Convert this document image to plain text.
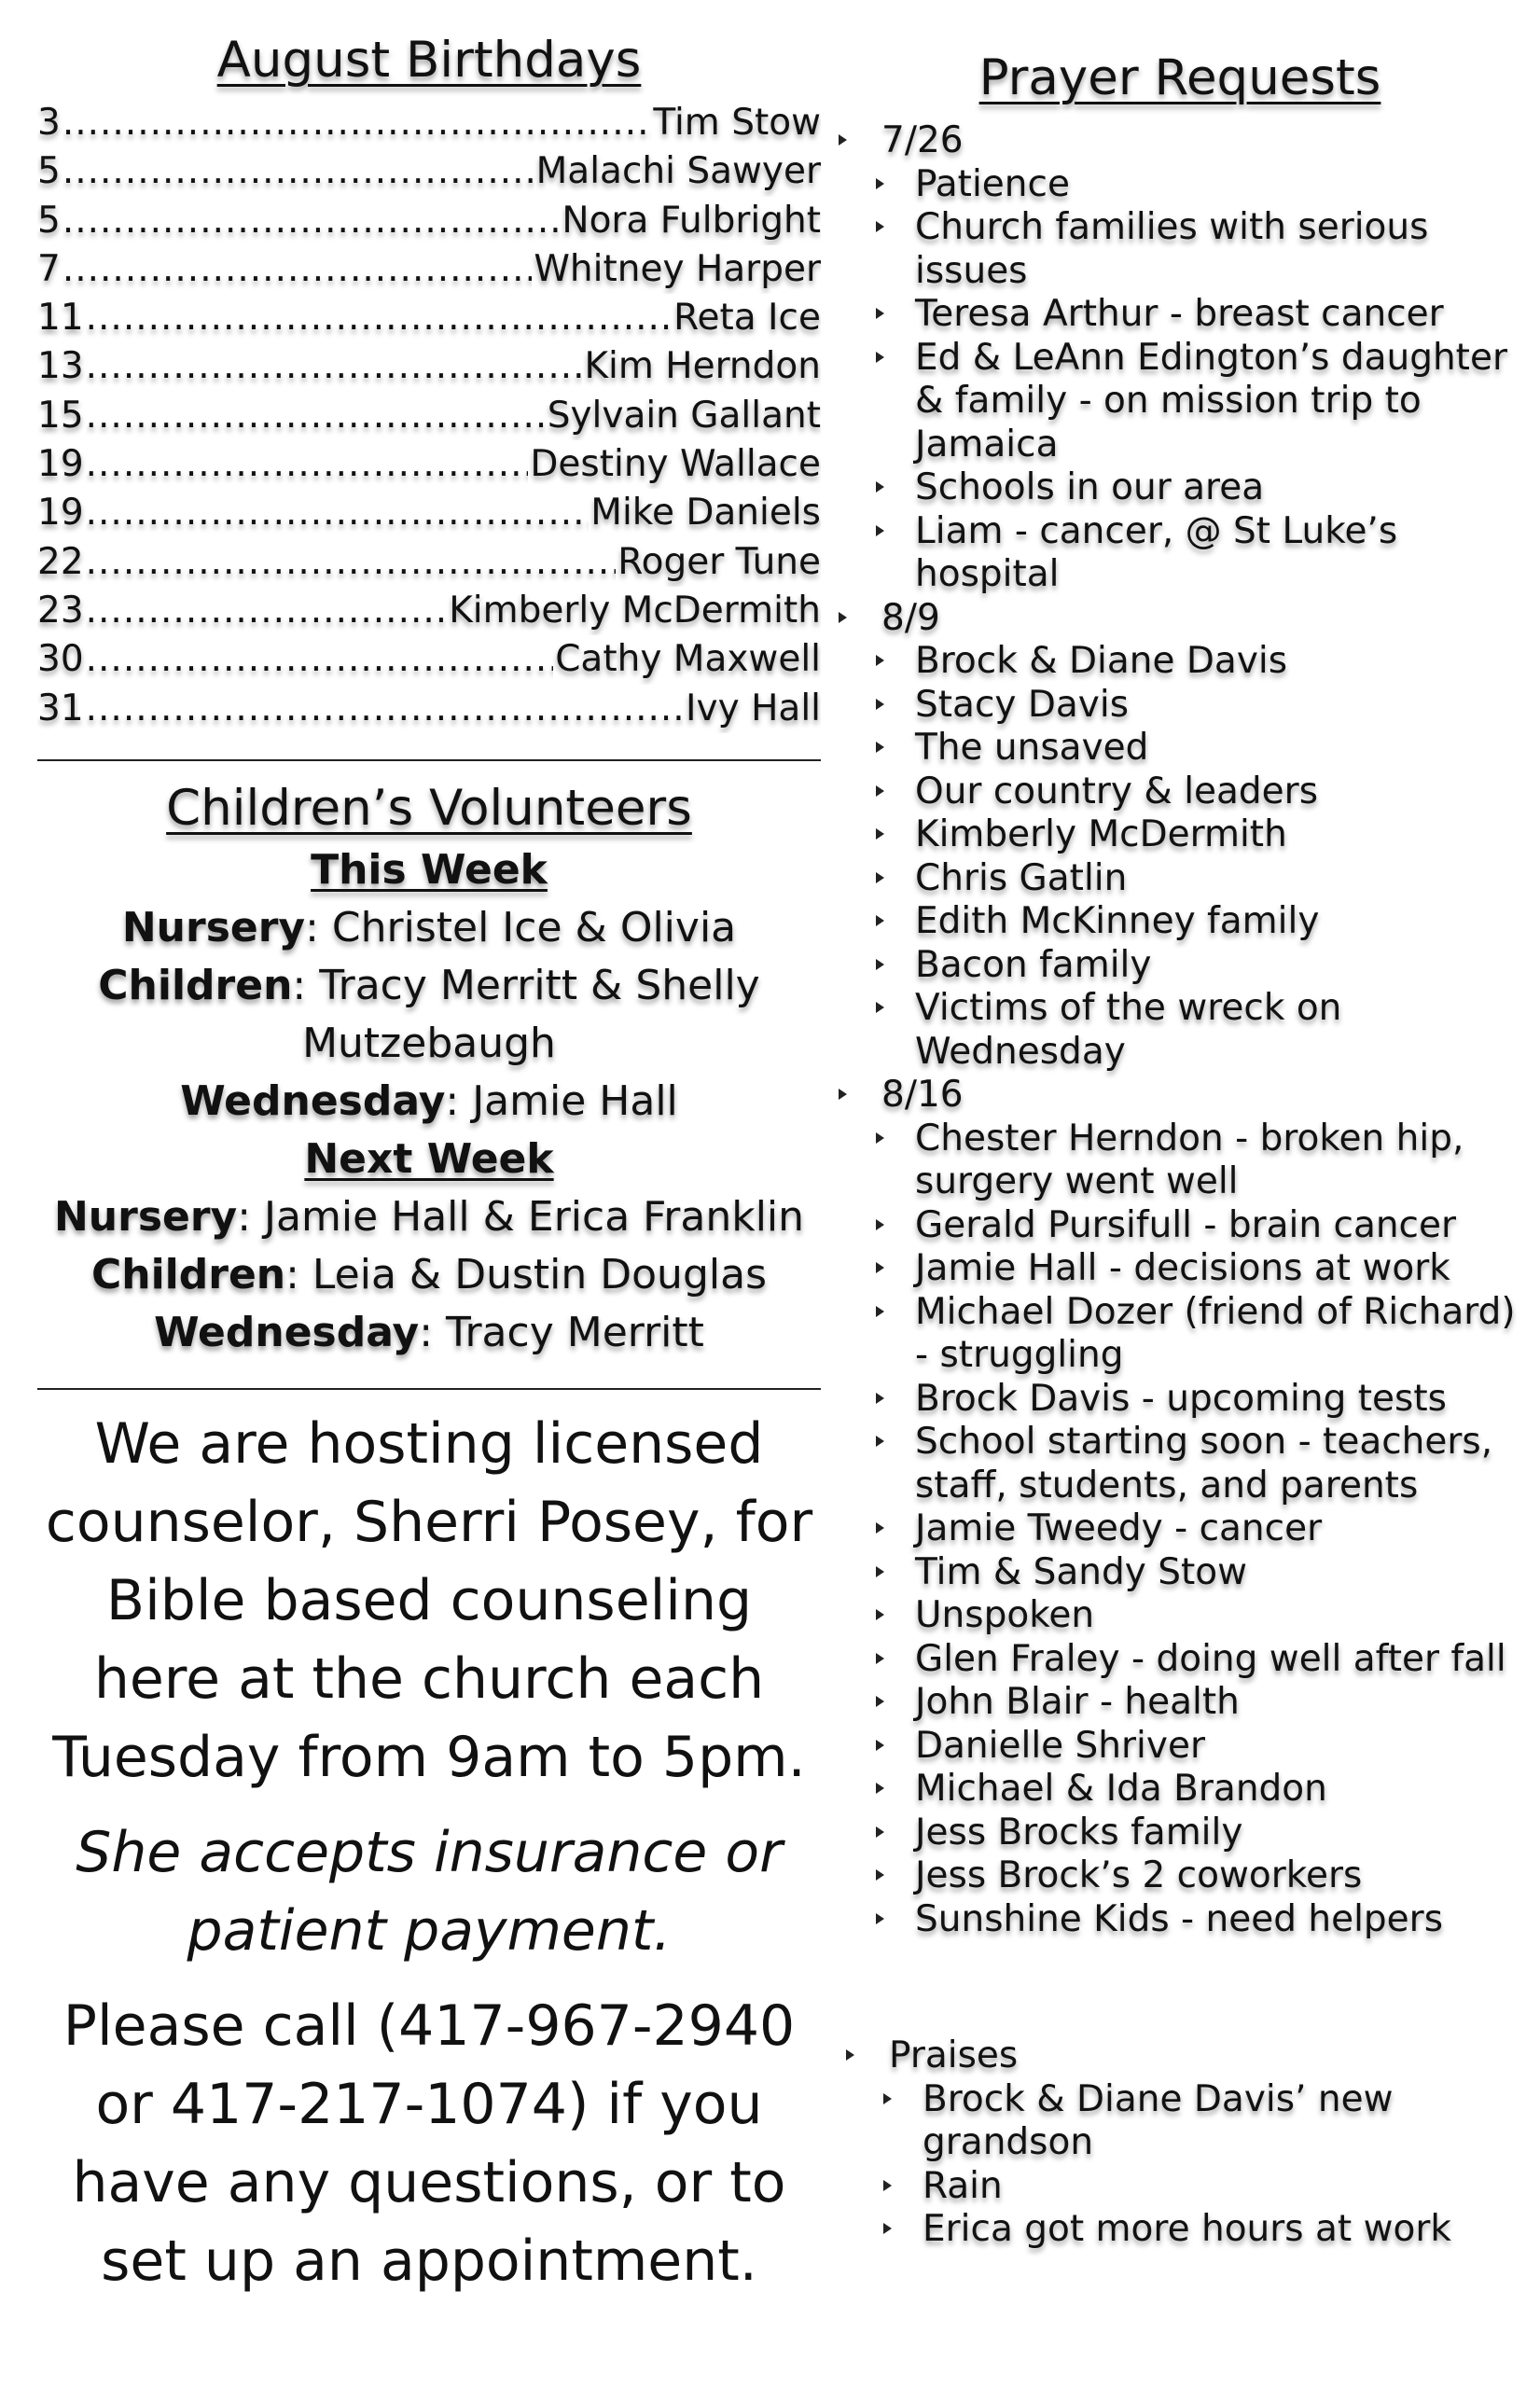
August Birthdays
3 .....	Tim Stow
5 .....	Malachi Sawyer
5 .....	Nora Fulbright
7 .....	Whitney Harper
11 .....	Reta Ice
13 .....	Kim Herndon
15 .....	Sylvain Gallant
19 .....	Destiny Wallace
19 .....	Mike Daniels
22 .....	Roger Tune
23 .....	Kimberly McDermith
30 .....	Cathy Maxwell
31 .....	Ivy Hall
Children’s Volunteers
This Week
Nursery: Christel Ice & Olivia
Children: Tracy Merritt & Shelly Mutzebaugh
Wednesday: Jamie Hall
Next Week
Nursery: Jamie Hall & Erica Franklin
Children: Leia & Dustin Douglas
Wednesday: Tracy Merritt

We are hosting licensed counselor, Sherri Posey, for Bible based counseling here at the church each Tuesday from 9am to 5pm.

She accepts insurance or patient payment.

Please call (417-967-2940 or 417-217-1074) if you have any questions, or to set up an appointment.

Prayer Requests
7/26
Patience
Church families with serious issues
Teresa Arthur - breast cancer
Ed & LeAnn Edington’s daughter & family - on mission trip to Jamaica
Schools in our area
Liam - cancer, @ St Luke’s hospital
8/9
Brock & Diane Davis
Stacy Davis
The unsaved
Our country & leaders
Kimberly McDermith
Chris Gatlin
Edith McKinney family
Bacon family
Victims of the wreck on Wednesday
8/16
Chester Herndon - broken hip, surgery went well
Gerald Pursifull - brain cancer
Jamie Hall - decisions at work
Michael Dozer (friend of Richard) - struggling
Brock Davis - upcoming tests
School starting soon - teachers, staff, students, and parents
Jamie Tweedy - cancer
Tim & Sandy Stow
Unspoken
Glen Fraley - doing well after fall
John Blair - health
Danielle Shriver
Michael & Ida Brandon
Jess Brocks family
Jess Brock’s 2 coworkers
Sunshine Kids - need helpers
Praises
Brock & Diane Davis’ new grandson
Rain
Erica got more hours at work
